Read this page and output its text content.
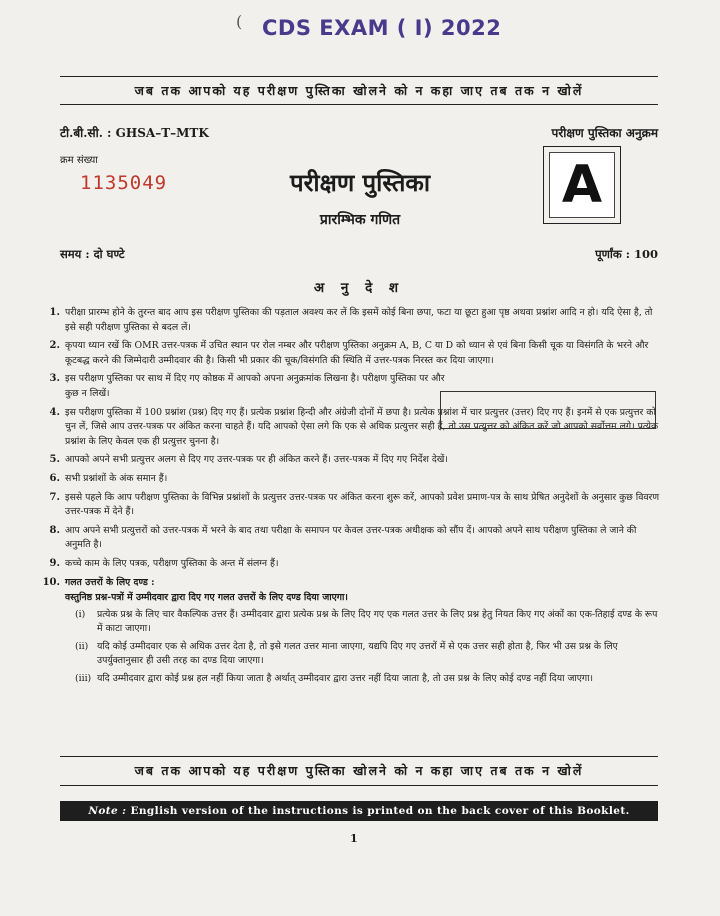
( CDS EXAM ( I) 2022
जब तक आपको यह परीक्षण पुस्तिका खोलने को न कहा जाए तब तक न खोलें
टी.बी.सी. : GHSA–T–MTK	परीक्षण पुस्तिका अनुक्रम
क्रम संख्या
1135049	परीक्षण पुस्तिका
प्रारम्भिक गणित
A
समय : दो घण्टे	पूर्णांक : 100
अ नु दे श
1. परीक्षा प्रारम्भ होने के तुरन्त बाद आप इस परीक्षण पुस्तिका की पड़ताल अवश्य कर लें कि इसमें कोई बिना छपा, फटा या छूटा हुआ पृष्ठ अथवा प्रश्नांश आदि न हो। यदि ऐसा है, तो इसे सही परीक्षण पुस्तिका से बदल लें।
2. कृपया ध्यान रखें कि OMR उत्तर-पत्रक में उचित स्थान पर रोल नम्बर और परीक्षण पुस्तिका अनुक्रम A, B, C या D को ध्यान से एवं बिना किसी चूक या विसंगति के भरने और कूटबद्ध करने की जिम्मेदारी उम्मीदवार की है। किसी भी प्रकार की चूक/विसंगति की स्थिति में उत्तर-पत्रक निरस्त कर दिया जाएगा।
3. इस परीक्षण पुस्तिका पर साथ में दिए गए कोष्ठक में आपको अपना अनुक्रमांक लिखना है। परीक्षण पुस्तिका पर और कुछ न लिखें।
4. इस परीक्षण पुस्तिका में 100 प्रश्नांश (प्रश्न) दिए गए हैं। प्रत्येक प्रश्नांश हिन्दी और अंग्रेजी दोनों में छपा है। प्रत्येक प्रश्नांश में चार प्रत्युत्तर (उत्तर) दिए गए हैं। इनमें से एक प्रत्युत्तर को चुन लें, जिसे आप उत्तर-पत्रक पर अंकित करना चाहते हैं। यदि आपको ऐसा लगे कि एक से अधिक प्रत्युत्तर सही हैं, तो उस प्रत्युत्तर को अंकित करें जो आपको सर्वोत्तम लगे। प्रत्येक प्रश्नांश के लिए केवल एक ही प्रत्युत्तर चुनना है।
5. आपको अपने सभी प्रत्युत्तर अलग से दिए गए उत्तर-पत्रक पर ही अंकित करने हैं। उत्तर-पत्रक में दिए गए निर्देश देखें।
6. सभी प्रश्नांशों के अंक समान हैं।
7. इससे पहले कि आप परीक्षण पुस्तिका के विभिन्न प्रश्नांशों के प्रत्युत्तर उत्तर-पत्रक पर अंकित करना शुरू करें, आपको प्रवेश प्रमाण-पत्र के साथ प्रेषित अनुदेशों के अनुसार कुछ विवरण उत्तर-पत्रक में देने हैं।
8. आप अपने सभी प्रत्युत्तरों को उत्तर-पत्रक में भरने के बाद तथा परीक्षा के समापन पर केवल उत्तर-पत्रक अधीक्षक को सौंप दें। आपको अपने साथ परीक्षण पुस्तिका ले जाने की अनुमति है।
9. कच्चे काम के लिए पत्रक, परीक्षण पुस्तिका के अन्त में संलग्न हैं।
10. गलत उत्तरों के लिए दण्ड :
वस्तुनिष्ठ प्रश्न-पत्रों में उम्मीदवार द्वारा दिए गए गलत उत्तरों के लिए दण्ड दिया जाएगा।
(i)	प्रत्येक प्रश्न के लिए चार वैकल्पिक उत्तर हैं। उम्मीदवार द्वारा प्रत्येक प्रश्न के लिए दिए गए एक गलत उत्तर के लिए प्रश्न हेतु नियत किए गए अंकों का एक-तिहाई दण्ड के रूप में काटा जाएगा।
(ii) यदि कोई उम्मीदवार एक से अधिक उत्तर देता है, तो इसे गलत उत्तर माना जाएगा, यद्यपि दिए गए उत्तरों में से एक उत्तर सही होता है, फिर भी उस प्रश्न के लिए उपर्युक्तानुसार ही उसी तरह का दण्ड दिया जाएगा।
(iii) यदि उम्मीदवार द्वारा कोई प्रश्न हल नहीं किया जाता है अर्थात् उम्मीदवार द्वारा उत्तर नहीं दिया जाता है, तो उस प्रश्न के लिए कोई दण्ड नहीं दिया जाएगा।
जब तक आपको यह परीक्षण पुस्तिका खोलने को न कहा जाए तब तक न खोलें
Note : English version of the instructions is printed on the back cover of this Booklet.
1
